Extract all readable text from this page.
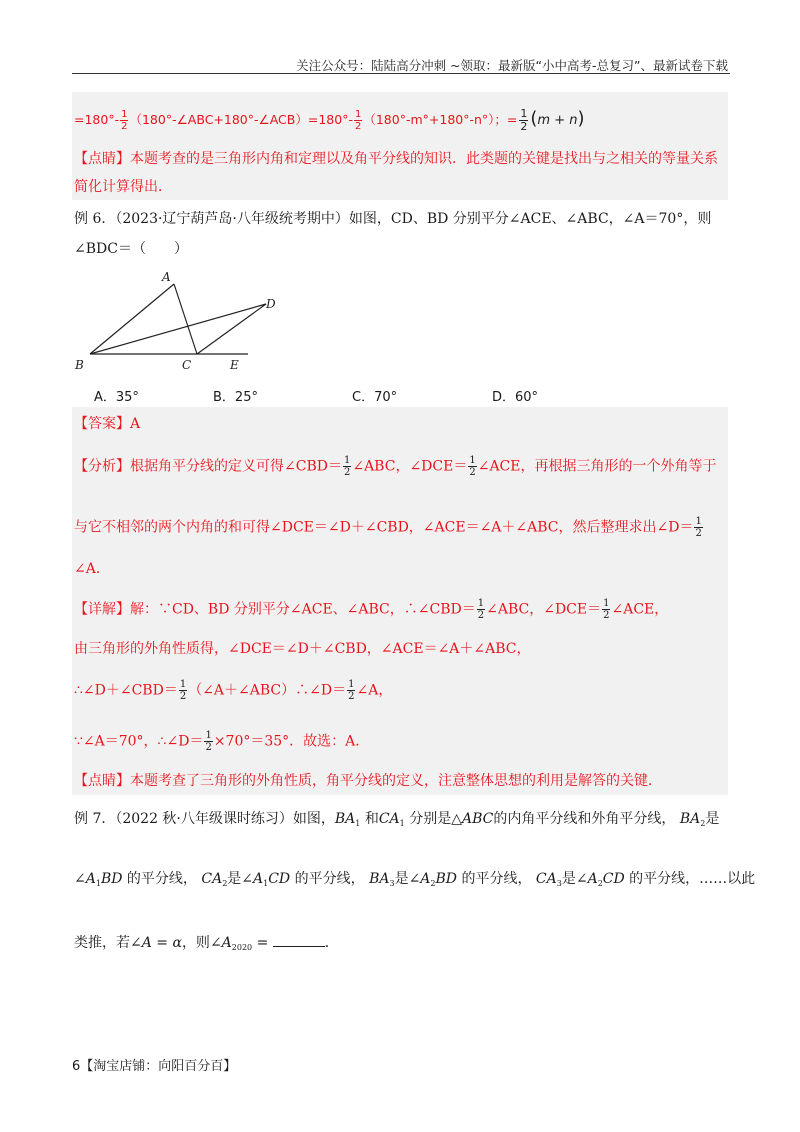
关注公众号：陆陆高分冲刺 ~领取：最新版“小中高考-总复习”、最新试卷下载
$=180^\circ- \frac{1}{2}$ （180°-∠ABC+180°-∠ACB）=180°- $\frac{1}{2} (180^\circ-m^\circ+180^\circ-n^\circ)$；= $\frac{1}{2} (m + n)$
【点睛】本题考查的是三角形内角和定理以及角平分线的知识．此类题的关键是找出与之相关的等量关系
简化计算得出．
例 6．（2023·辽宁葫芦岛·八年级统考期中）如图，CD、BD 分别平分∠ACE、∠ABC，∠A＝70°，则
∠BDC＝（　　）
A
B	C
D
E
A．35°	B．25°	C．70°	D．60°
【答案】A
【分析】根据角平分线的定义可得∠CBD＝ $\frac{1}{2}$ ∠ABC，∠DCE＝ $\frac{1}{2}$ ∠ACE，再根据三角形的一个外角等于
与它不相邻的两个内角的和可得∠DCE＝∠D＋∠CBD，∠ACE＝∠A＋∠ABC，然后整理求出∠D＝ $\frac{1}{2}$
∠A．
【详解】解：∵CD、BD 分别平分∠ACE、∠ABC，∴∠CBD＝ $\frac{1}{2}$ ∠ABC，∠DCE＝ $\frac{1}{2}$ ∠ACE，
由三角形的外角性质得，∠DCE＝∠D＋∠CBD，∠ACE＝∠A＋∠ABC，
∴∠D＋∠CBD＝ $\frac{1}{2}$ （∠A＋∠ABC）∴∠D＝ $\frac{1}{2}$ ∠A，
∵∠A＝70°，∴∠D＝ $\frac{1}{2} \times 70^\circ=35^\circ$．故选：A．
【点睛】本题考查了三角形的外角性质，角平分线的定义，注意整体思想的利用是解答的关键．
例 7．（2022 秋·八年级课时练习）如图，$BA_1$ 和$CA_1$ 分别是△ABC的内角平分线和外角平分线， $BA_2$是
$\angle A_1BD$ 的平分线， $CA_2$是$\angle A_1CD$ 的平分线， $BA_3$是$\angle A_2BD$ 的平分线， $CA_3$是$\angle A_2CD$ 的平分线，……以此
类推，若∠A = α，则$\angle A_{2020}$ =	．
6【淘宝店铺：向阳百分百】
